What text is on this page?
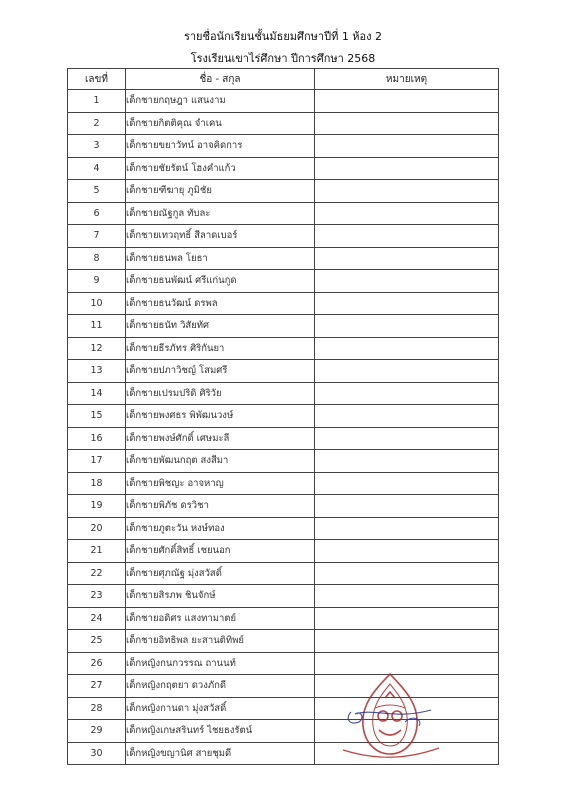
รายชื่อนักเรียนชั้นมัธยมศึกษาปีที่ 1 ห้อง 2
โรงเรียนเขาไร่ศึกษา ปีการศึกษา 2568
เลขที่	ชื่อ - สกุล	หมายเหตุ
1	เด็กชายกฤษฎา แสนงาม	
2	เด็กชายกิตติคุณ จำเคน	
3	เด็กชายขยาวัทน์ อาจคิดการ	
4	เด็กชายชัยรัตน์ โฮงคำแก้ว	
5	เด็กชายฑีฆายุ ภูมิชัย	
6	เด็กชายณัฐกูล ทับละ	
7	เด็กชายเทวฤทธิ์ สีลาดเบอร์	
8	เด็กชายธนพล โยธา	
9	เด็กชายธนพัฒน์ ศรีแก่นกูด	
10	เด็กชายธนวัฒน์ ดรพล	
11	เด็กชายธนัท วิสัยทัศ	
12	เด็กชายธีรภัทร ศิริกันยา	
13	เด็กชายปภาวิชญ์ โสมศรี	
14	เด็กชายเปรมปริดิ ศิริวัย	
15	เด็กชายพงศธร พิพัฒนวงษ์	
16	เด็กชายพงษ์ศักดิ์ เศษมะลี	
17	เด็กชายพัฒนกฤต สงสีมา	
18	เด็กชายพิชญะ อาจหาญ	
19	เด็กชายพิภัช ดรวิชา	
20	เด็กชายภูตะวัน หงษ์ทอง	
21	เด็กชายศักดิ์สิทธิ์ เชยนอก	
22	เด็กชายศุภณัฐ มุ่งสวัสดิ์	
23	เด็กชายสิรภพ ชินจักษ์	
24	เด็กชายอดิศร แสงทามาตย์	
25	เด็กชายอิทธิพล ยะสานติทิพย์	
26	เด็กหญิงกนกวรรณ ถานนท์	
27	เด็กหญิงกฤตยา ดวงภักดี	
28	เด็กหญิงกานดา มุ่งสวัสดิ์	
29	เด็กหญิงเกษสรินทร์ ไชยธงรัตน์	
30	เด็กหญิงขญานิศ สายชุมดี	
